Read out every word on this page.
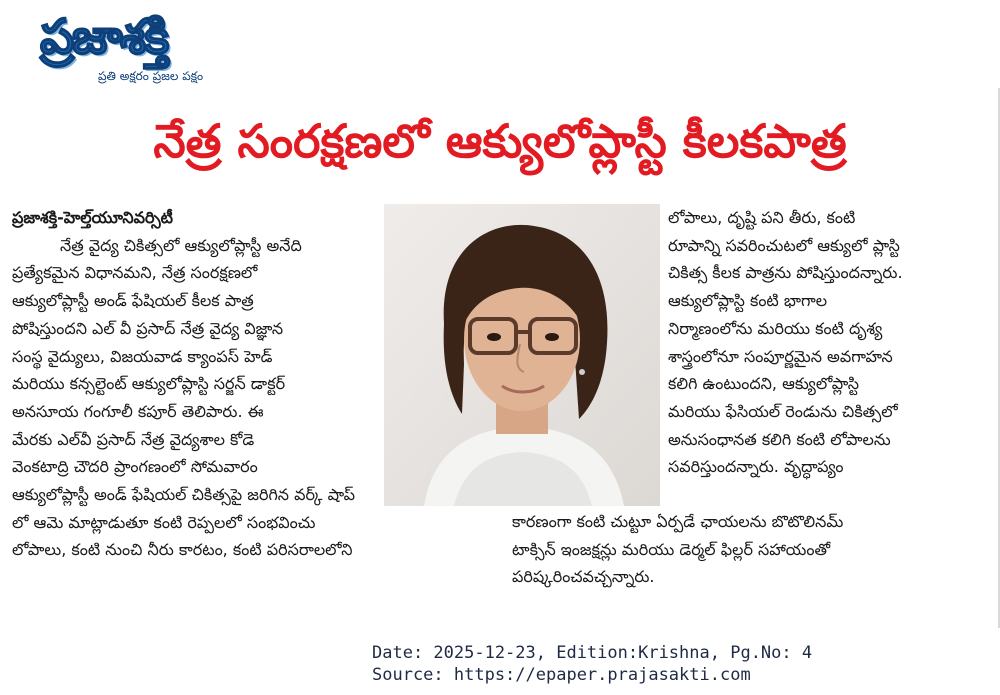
ప్రజాశక్తి
ప్రతి అక్షరం ప్రజల పక్షం
నేత్ర సంరక్షణలో ఆక్యులోప్లాస్టీ కీలకపాత్ర
ప్రజాశక్తి-హెల్త్‌యూనివర్సిటీ
నేత్ర వైద్య చికిత్సలో ఆక్యులోప్లాస్టీ అనేది
ప్రత్యేకమైన విధానమని, నేత్ర సంరక్షణలో
ఆక్యులోప్లాస్టీ అండ్ ఫేషియల్ కీలక పాత్ర
పోషిస్తుందని ఎల్ వీ ప్రసాద్ నేత్ర వైద్య విజ్ఞాన
సంస్థ వైద్యులు, విజయవాడ క్యాంపస్ హెడ్
మరియు కన్సల్టెంట్ ఆక్యులోప్లాస్టి సర్జన్ డాక్టర్
అనసూయ గంగూలీ కపూర్ తెలిపారు. ఈ
మేరకు ఎల్‌వీ ప్రసాద్ నేత్ర వైద్యశాల కోడె
వెంకటాద్రి చౌదరి ప్రాంగణంలో సోమవారం
ఆక్యులోప్లాస్టీ అండ్ ఫేషియల్ చికిత్సపై జరిగిన వర్క్ షాప్
లో ఆమె మాట్లాడుతూ కంటి రెప్పలలో సంభవించు
లోపాలు, కంటి నుంచి నీరు కారటం, కంటి పరిసరాలలోని
లోపాలు, దృష్టి పని తీరు, కంటి
రూపాన్ని సవరించుటలో ఆక్యులో ప్లాస్టి
చికిత్స కీలక పాత్రను పోషిస్తుందన్నారు.
ఆక్యులోప్లాస్టి కంటి భాగాల
నిర్మాణంలోను మరియు కంటి దృశ్య
శాస్త్రంలోనూ సంపూర్ణమైన అవగాహన
కలిగి ఉంటుందని, ఆక్యులోప్లాస్టి
మరియు ఫేసియల్ రెండును చికిత్సలో
అనుసంధానత కలిగి కంటి లోపాలను
సవరిస్తుందన్నారు. వృద్ధాప్యం
కారణంగా కంటి చుట్టూ ఏర్పడే ఛాయలను బొటొలినమ్
టాక్సిన్ ఇంజక్షన్లు మరియు డెర్మల్ ఫిల్లర్ సహాయంతో
పరిష్కరించవచ్చన్నారు.
Date: 2025-12-23, Edition:Krishna, Pg.No: 4
Source: https://epaper.prajasakti.com
